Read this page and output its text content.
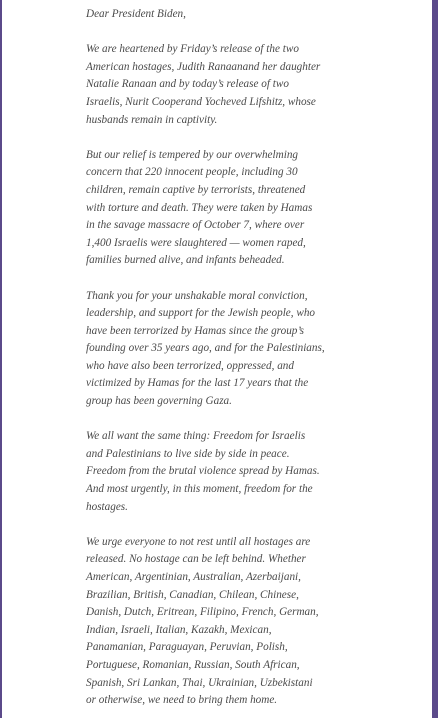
Dear President Biden,

We are heartened by Friday’s release of the two
American hostages, Judith Ranaanand her daughter
Natalie Ranaan and by today’s release of two
Israelis, Nurit Cooperand Yocheved Lifshitz, whose
husbands remain in captivity.

But our relief is tempered by our overwhelming
concern that 220 innocent people, including 30
children, remain captive by terrorists, threatened
with torture and death. They were taken by Hamas
in the savage massacre of October 7, where over
1,400 Israelis were slaughtered — women raped,
families burned alive, and infants beheaded.

Thank you for your unshakable moral conviction,
leadership, and support for the Jewish people, who
have been terrorized by Hamas since the group’s
founding over 35 years ago, and for the Palestinians,
who have also been terrorized, oppressed, and
victimized by Hamas for the last 17 years that the
group has been governing Gaza.

We all want the same thing: Freedom for Israelis
and Palestinians to live side by side in peace.
Freedom from the brutal violence spread by Hamas.
And most urgently, in this moment, freedom for the
hostages.

We urge everyone to not rest until all hostages are
released. No hostage can be left behind. Whether
American, Argentinian, Australian, Azerbaijani,
Brazilian, British, Canadian, Chilean, Chinese,
Danish, Dutch, Eritrean, Filipino, French, German,
Indian, Israeli, Italian, Kazakh, Mexican,
Panamanian, Paraguayan, Peruvian, Polish,
Portuguese, Romanian, Russian, South African,
Spanish, Sri Lankan, Thai, Ukrainian, Uzbekistani
or otherwise, we need to bring them home.
